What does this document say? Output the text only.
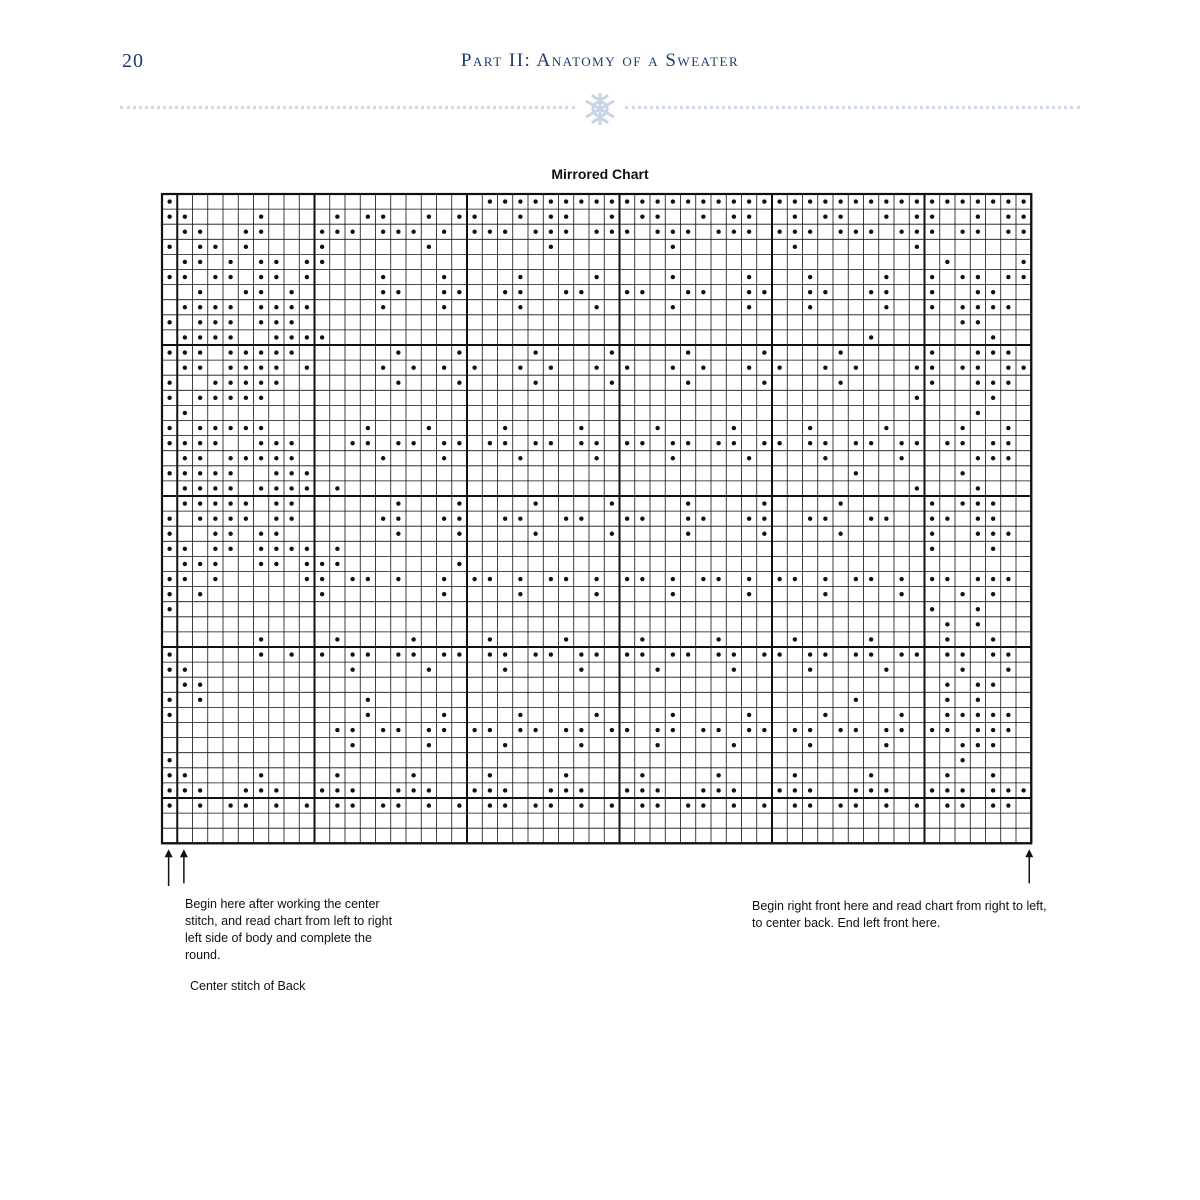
20	Part II: Anatomy of a Sweater
Mirrored Chart
Begin here after working the center stitch, and read chart from left to right left side of body and complete the round.
Begin right front here and read chart from right to left, to center back. End left front here.
Center stitch of Back
